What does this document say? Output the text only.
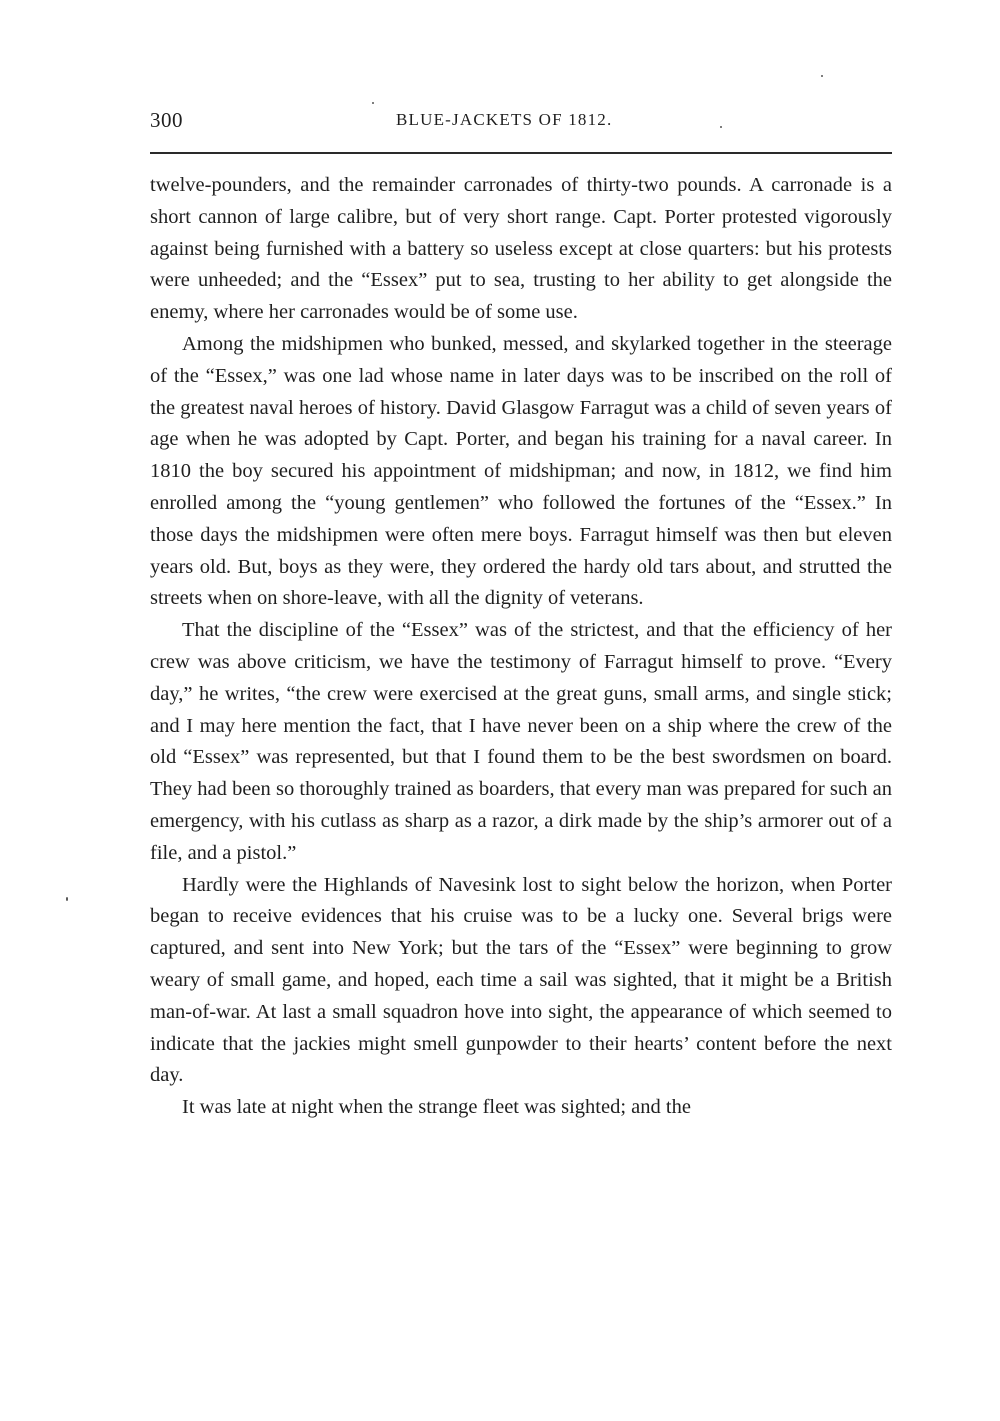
300	BLUE-JACKETS OF 1812.

twelve-pounders, and the remainder carronades of thirty-two pounds. A carronade is a short cannon of large calibre, but of very short range. Capt. Porter protested vigorously against being furnished with a battery so useless except at close quarters: but his protests were unheeded; and the “Essex” put to sea, trusting to her ability to get alongside the enemy, where her carronades would be of some use.

Among the midshipmen who bunked, messed, and skylarked together in the steerage of the “Essex,” was one lad whose name in later days was to be inscribed on the roll of the greatest naval heroes of history. David Glasgow Farragut was a child of seven years of age when he was adopted by Capt. Porter, and began his training for a naval career. In 1810 the boy secured his appointment of midshipman; and now, in 1812, we find him enrolled among the “young gentlemen” who followed the fortunes of the “Essex.” In those days the midshipmen were often mere boys. Farragut himself was then but eleven years old. But, boys as they were, they ordered the hardy old tars about, and strutted the streets when on shore-leave, with all the dignity of veterans.

That the discipline of the “Essex” was of the strictest, and that the efficiency of her crew was above criticism, we have the testimony of Farragut himself to prove. “Every day,” he writes, “the crew were exercised at the great guns, small arms, and single stick; and I may here mention the fact, that I have never been on a ship where the crew of the old “Essex” was represented, but that I found them to be the best swordsmen on board. They had been so thoroughly trained as boarders, that every man was prepared for such an emergency, with his cutlass as sharp as a razor, a dirk made by the ship’s armorer out of a file, and a pistol.”

Hardly were the Highlands of Navesink lost to sight below the horizon, when Porter began to receive evidences that his cruise was to be a lucky one. Several brigs were captured, and sent into New York; but the tars of the “Essex” were beginning to grow weary of small game, and hoped, each time a sail was sighted, that it might be a British man-of-war. At last a small squadron hove into sight, the appearance of which seemed to indicate that the jackies might smell gunpowder to their hearts’ content before the next day.

It was late at night when the strange fleet was sighted; and the
